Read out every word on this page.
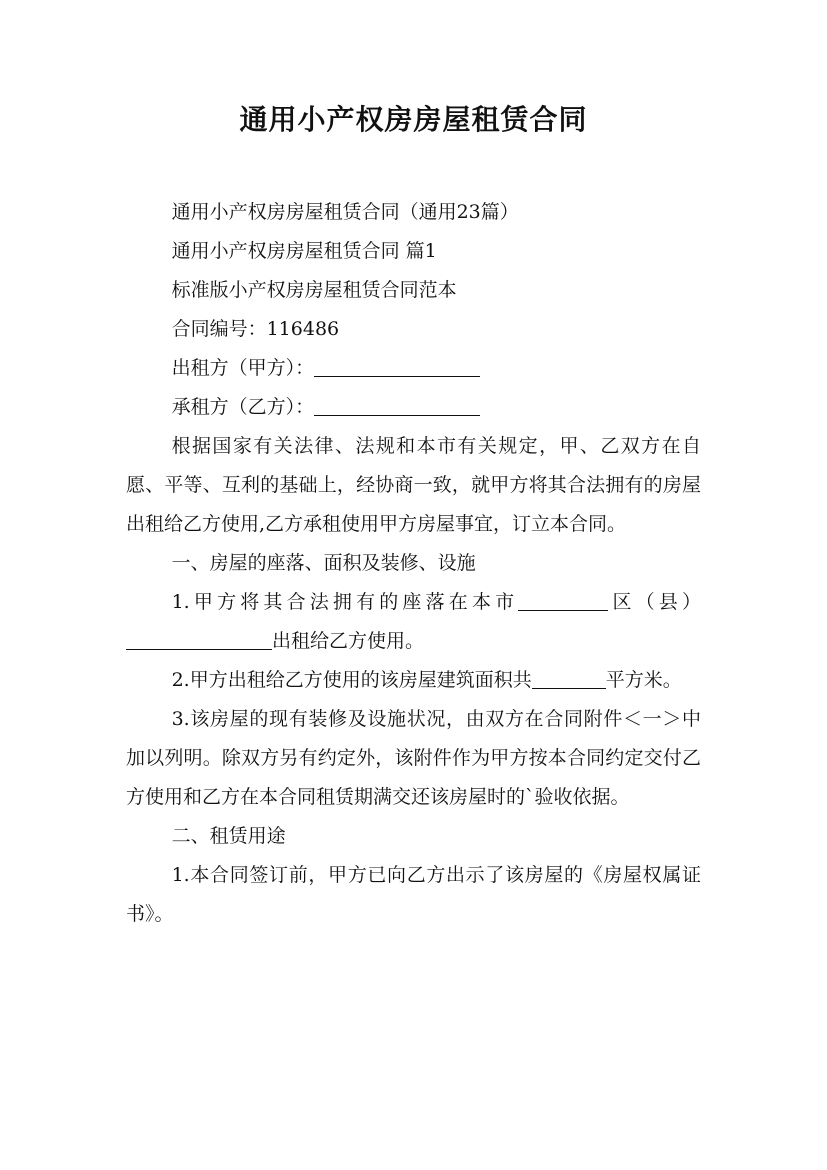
通用小产权房房屋租赁合同

通用小产权房房屋租赁合同（通用23篇）

通用小产权房房屋租赁合同 篇1

标准版小产权房房屋租赁合同范本

合同编号：116486

出租方（甲方）：

承租方（乙方）：

根据国家有关法律、法规和本市有关规定，甲、乙双方在自愿、平等、互利的基础上，经协商一致，就甲方将其合法拥有的房屋出租给乙方使用,乙方承租使用甲方房屋事宜，订立本合同。

一、房屋的座落、面积及装修、设施

1.甲方将其合法拥有的座落在本市	区（县）出租给乙方使用。

2.甲方出租给乙方使用的该房屋建筑面积共	平方米。

3.该房屋的现有装修及设施状况，由双方在合同附件＜一＞中加以列明。除双方另有约定外，该附件作为甲方按本合同约定交付乙方使用和乙方在本合同租赁期满交还该房屋时的`验收依据。

二、租赁用途

1.本合同签订前，甲方已向乙方出示了该房屋的《房屋权属证书》。
